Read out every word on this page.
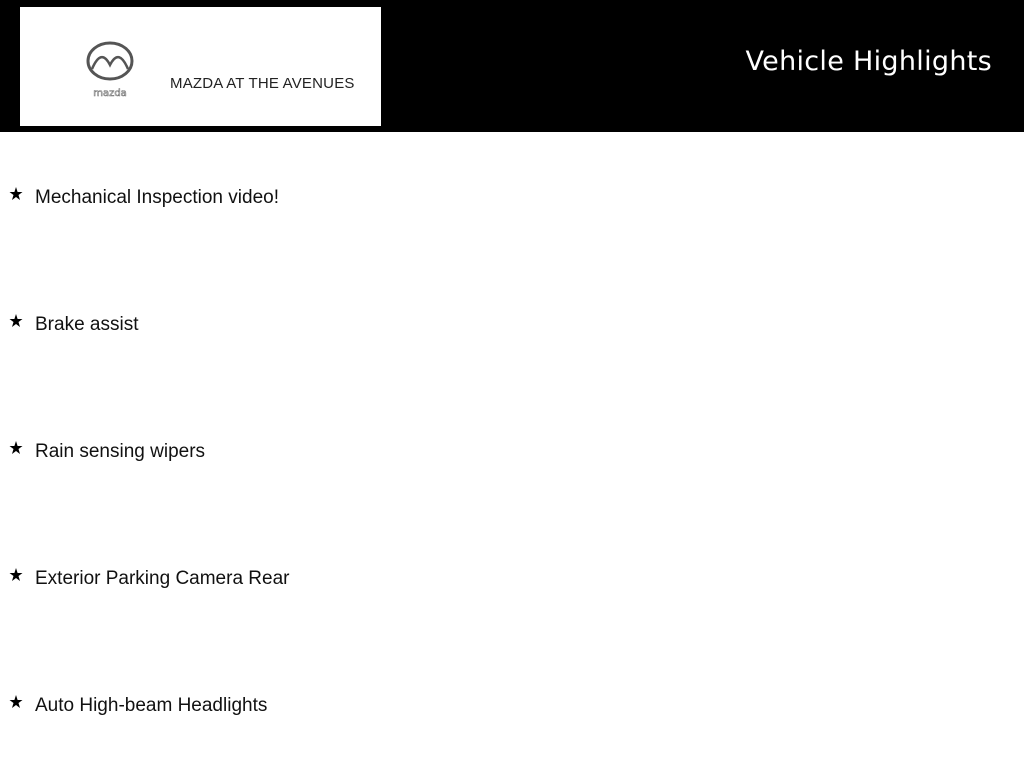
mazda
MAZDA AT THE AVENUES
Vehicle Highlights
Mechanical Inspection video!
Brake assist
Rain sensing wipers
Exterior Parking Camera Rear
Auto High-beam Headlights
